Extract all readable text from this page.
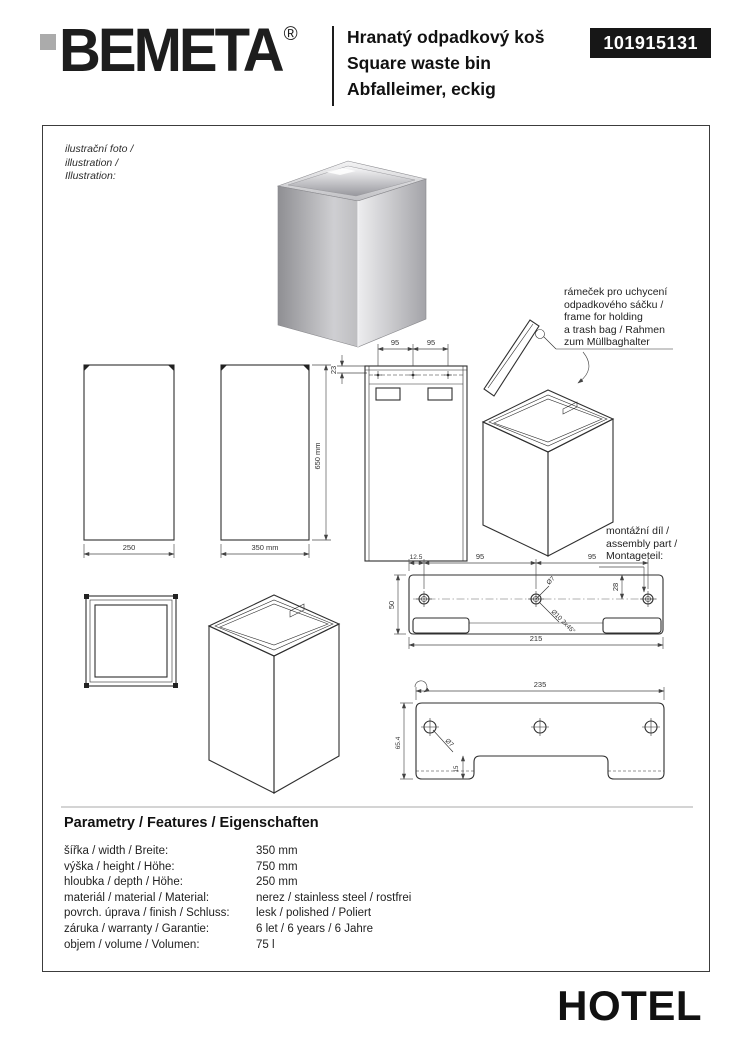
BEMETA ®	Hranatý odpadkový koš
Square waste bin
Abfalleimer, eckig
101915131
ilustrační foto /
illustration /
Illustration:
250	350 mm
650 mm
23
95	95
12.5	95	95
50
28
215
Ø7
Ø10 2x45°
235
65.4	Ø7
15
rámeček pro uchycení
odpadkového sáčku /
frame for holding
a trash bag / Rahmen
zum Müllbaghalter
montážní díl /
assembly part /
Montageteil:
Parametry / Features / Eigenschaften
šířka / width / Breite:	350 mm
výška / height / Höhe:	750 mm
hloubka / depth / Höhe:	250 mm
materiál / material / Material:	nerez / stainless steel / rostfrei
povrch. úprava / finish / Schluss:	lesk / polished / Poliert
záruka / warranty / Garantie:	6 let / 6 years / 6 Jahre
objem / volume / Volumen:	75 l
HOTEL
